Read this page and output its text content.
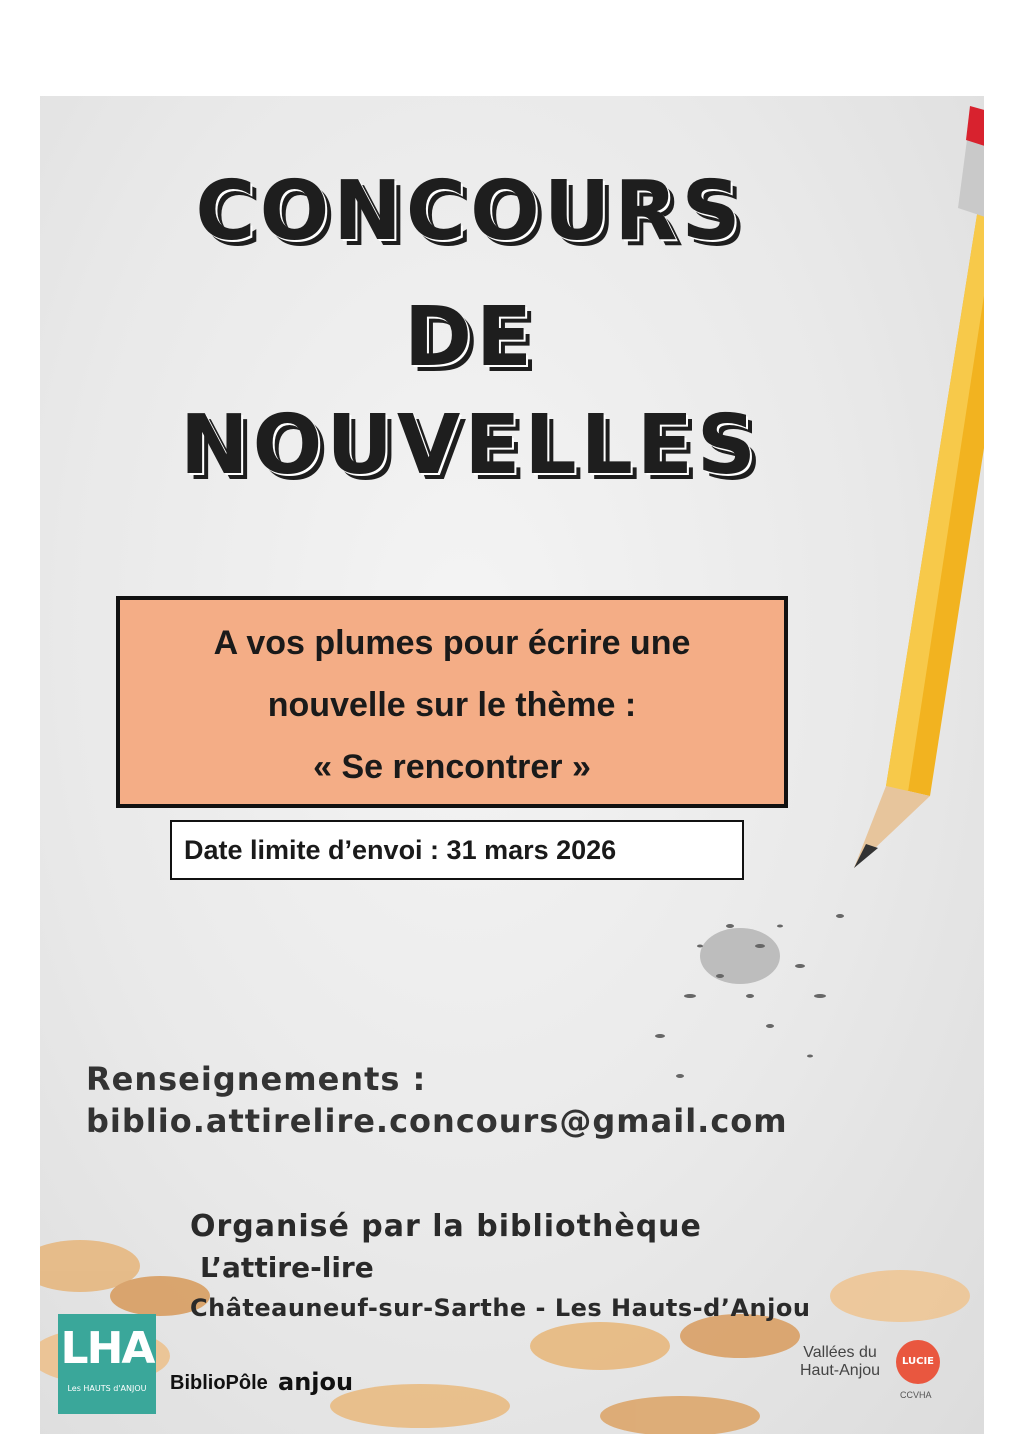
CONCOURS
DE
NOUVELLES
A vos plumes pour écrire une
nouvelle sur le thème :
« Se rencontrer »
Date limite d’envoi : 31 mars 2026
Renseignements :
biblio.attirelire.concours@gmail.com
Organisé par la bibliothèque
L’attire-lire
Châteauneuf-sur-Sarthe - Les Hauts-d’Anjou
LHA
Les HAUTS d'ANJOU	BiblioPôle anjou
Vallées du
Haut-Anjou
LUCIE
CCVHA
